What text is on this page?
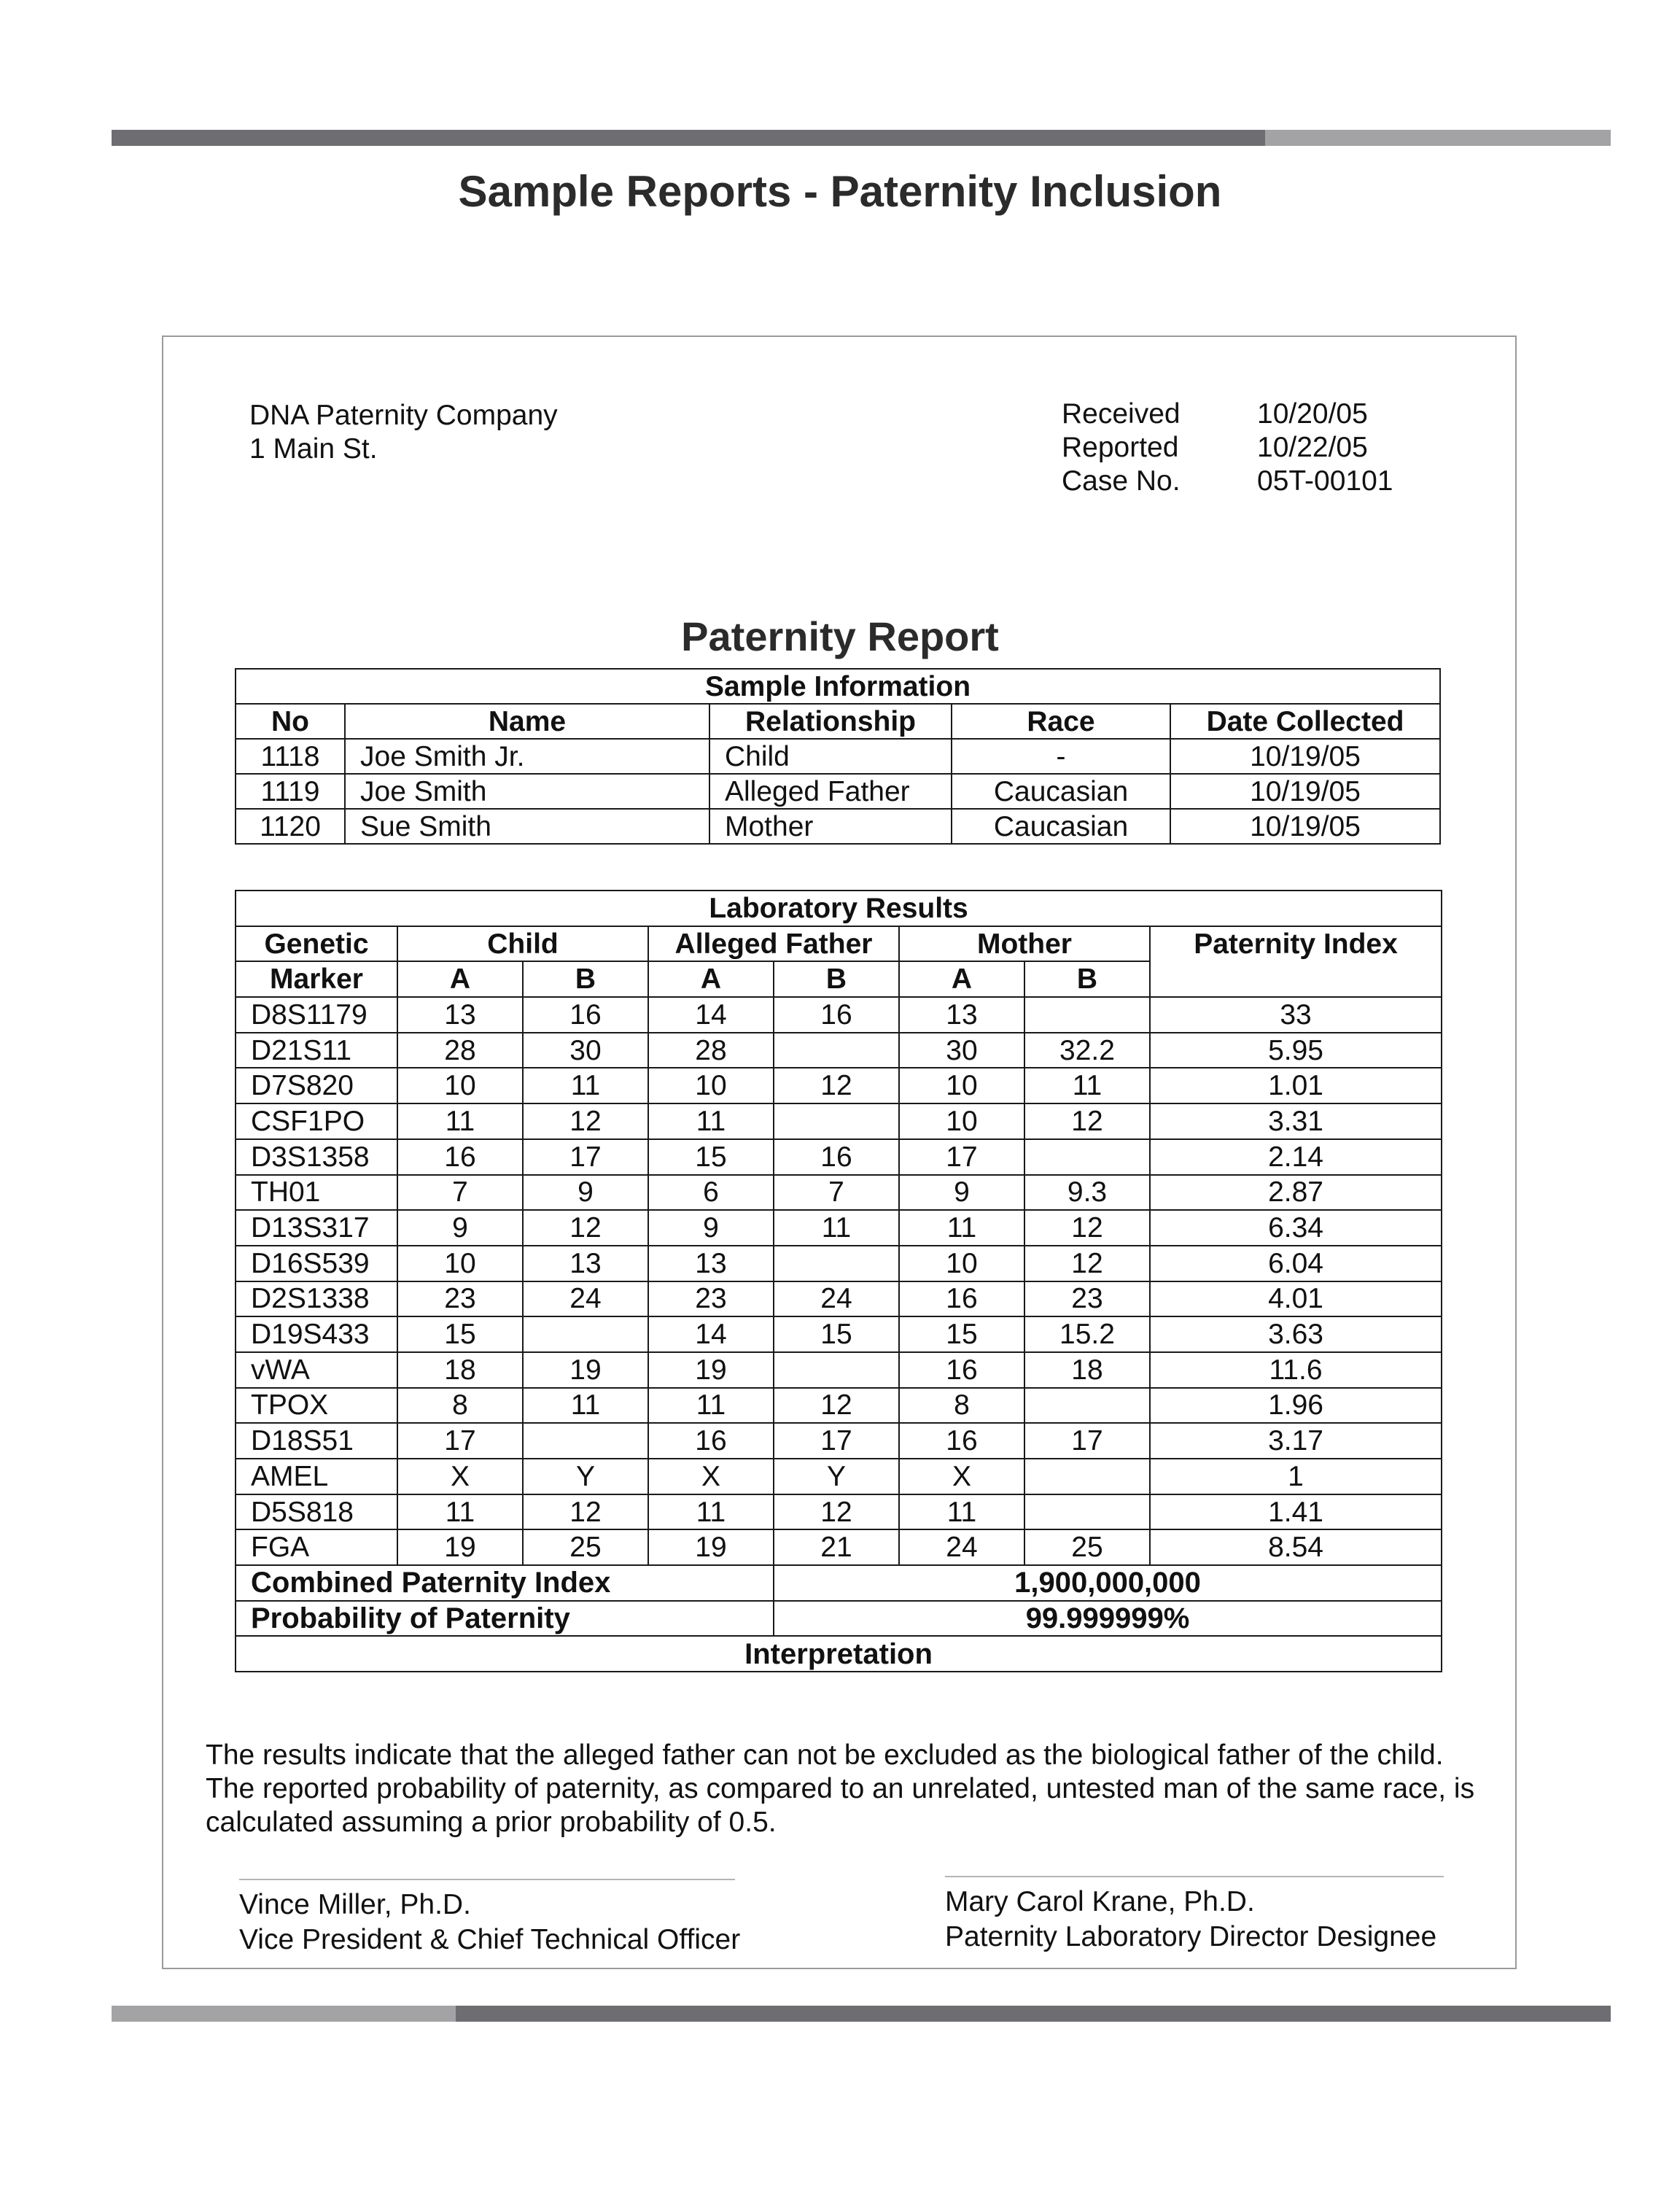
Sample Reports - Paternity Inclusion
DNA Paternity Company
1 Main St.
Received	10/20/05
Reported	10/22/05
Case No.	05T-00101
Paternity Report
Sample Information				
No	Name	Relationship	Race	Date Collected
1118	Joe Smith Jr.	Child	-	10/19/05
1119	Joe Smith	Alleged Father	Caucasian	10/19/05
1120	Sue Smith	Mother	Caucasian	10/19/05
Laboratory Results							
Genetic	Child		Alleged Father		Mother		Paternity Index
Marker	A	B	A	B	A	B	
D8S1179	13	16	14	16	13		33
D21S11	28	30	28		30	32.2	5.95
D7S820	10	11	10	12	10	11	1.01
CSF1PO	11	12	11		10	12	3.31
D3S1358	16	17	15	16	17		2.14
TH01	7	9	6	7	9	9.3	2.87
D13S317	9	12	9	11	11	12	6.34
D16S539	10	13	13		10	12	6.04
D2S1338	23	24	23	24	16	23	4.01
D19S433	15		14	15	15	15.2	3.63
vWA	18	19	19		16	18	11.6
TPOX	8	11	11	12	8		1.96
D18S51	17		16	17	16	17	3.17
AMEL	X	Y	X	Y	X		1
D5S818	11	12	11	12	11		1.41
FGA	19	25	19	21	24	25	8.54
Combined Paternity Index				1,900,000,000			
Probability of Paternity				99.999999%			
Interpretation							
The results indicate that the alleged father can not be excluded as the biological father of the child. The reported probability of paternity, as compared to an unrelated, untested man of the same race, is calculated assuming a prior probability of 0.5.
Vince Miller, Ph.D.
Vice President & Chief Technical Officer
Mary Carol Krane, Ph.D.
Paternity Laboratory Director Designee
